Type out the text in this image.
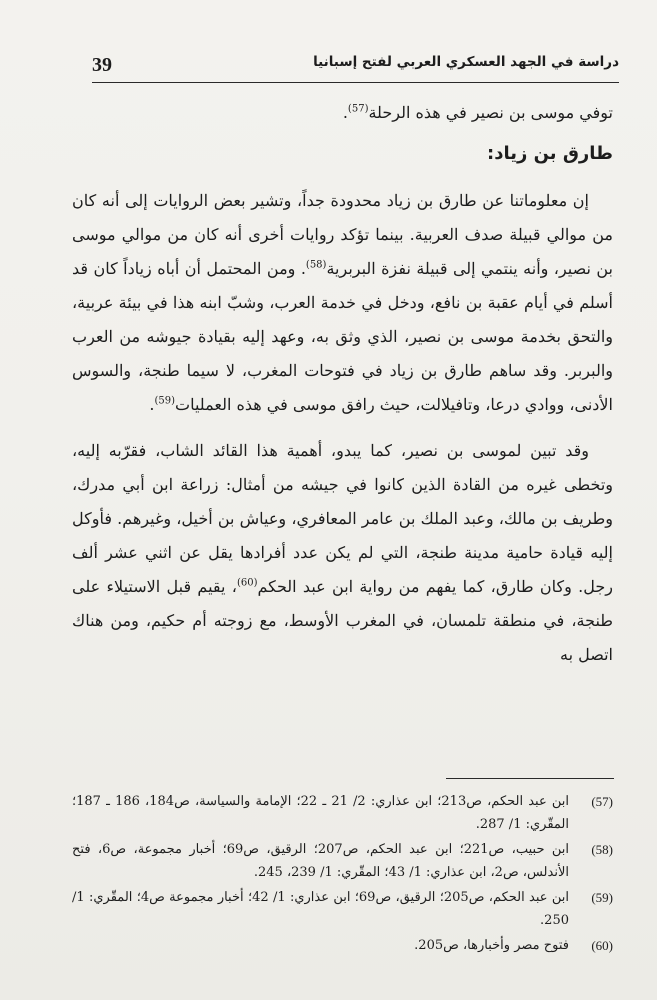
39	دراسة في الجهد العسكري العربي لفتح إسبانيا

توفي موسى بن نصير في هذه الرحلة$^{(57)}$.

طارق بن زياد:

إن معلوماتنا عن طارق بن زياد محدودة جداً، وتشير بعض الروايات إلى أنه كان من موالي قبيلة صدف العربية. بينما تؤكد روايات أخرى أنه كان من موالي موسى بن نصير، وأنه ينتمي إلى قبيلة نفزة البربرية$^{(58)}$. ومن المحتمل أن أباه زياداً كان قد أسلم في أيام عقبة بن نافع، ودخل في خدمة العرب، وشبّ ابنه هذا في بيئة عربية، والتحق بخدمة موسى بن نصير، الذي وثق به، وعهد إليه بقيادة جيوشه من العرب والبربر. وقد ساهم طارق بن زياد في فتوحات المغرب، لا سيما طنجة، والسوس الأدنى، ووادي درعا، وتافيلالت، حيث رافق موسى في هذه العمليات$^{(59)}$.

وقد تبين لموسى بن نصير، كما يبدو، أهمية هذا القائد الشاب، فقرّبه إليه، وتخطى غيره من القادة الذين كانوا في جيشه من أمثال: زراعة ابن أبي مدرك، وطريف بن مالك، وعبد الملك بن عامر المعافري، وعياش بن أخيل، وغيرهم. فأوكل إليه قيادة حامية مدينة طنجة، التي لم يكن عدد أفرادها يقل عن اثني عشر ألف رجل. وكان طارق، كما يفهم من رواية ابن عبد الحكم$^{(60)}$، يقيم قبل الاستيلاء على طنجة، في منطقة تلمسان، في المغرب الأوسط، مع زوجته أم حكيم، ومن هناك اتصل به

(57)
ابن عبد الحكم، ص213؛ ابن عذاري: 2/ 21 ـ 22؛ الإمامة والسياسة، ص184، 186 ـ 187؛ المقّري: 1/ 287.
(58)
ابن حبيب، ص221؛ ابن عبد الحكم، ص207؛ الرقيق، ص69؛ أخبار مجموعة، ص6، فتح الأندلس، ص2، ابن عذاري: 1/ 43؛ المقّري: 1/ 239، 245.
(59)
ابن عبد الحكم، ص205؛ الرقيق، ص69؛ ابن عذاري: 1/ 42؛ أخبار مجموعة ص4؛ المقّري: 1/ 250.
(60)
فتوح مصر وأخبارها، ص205.
